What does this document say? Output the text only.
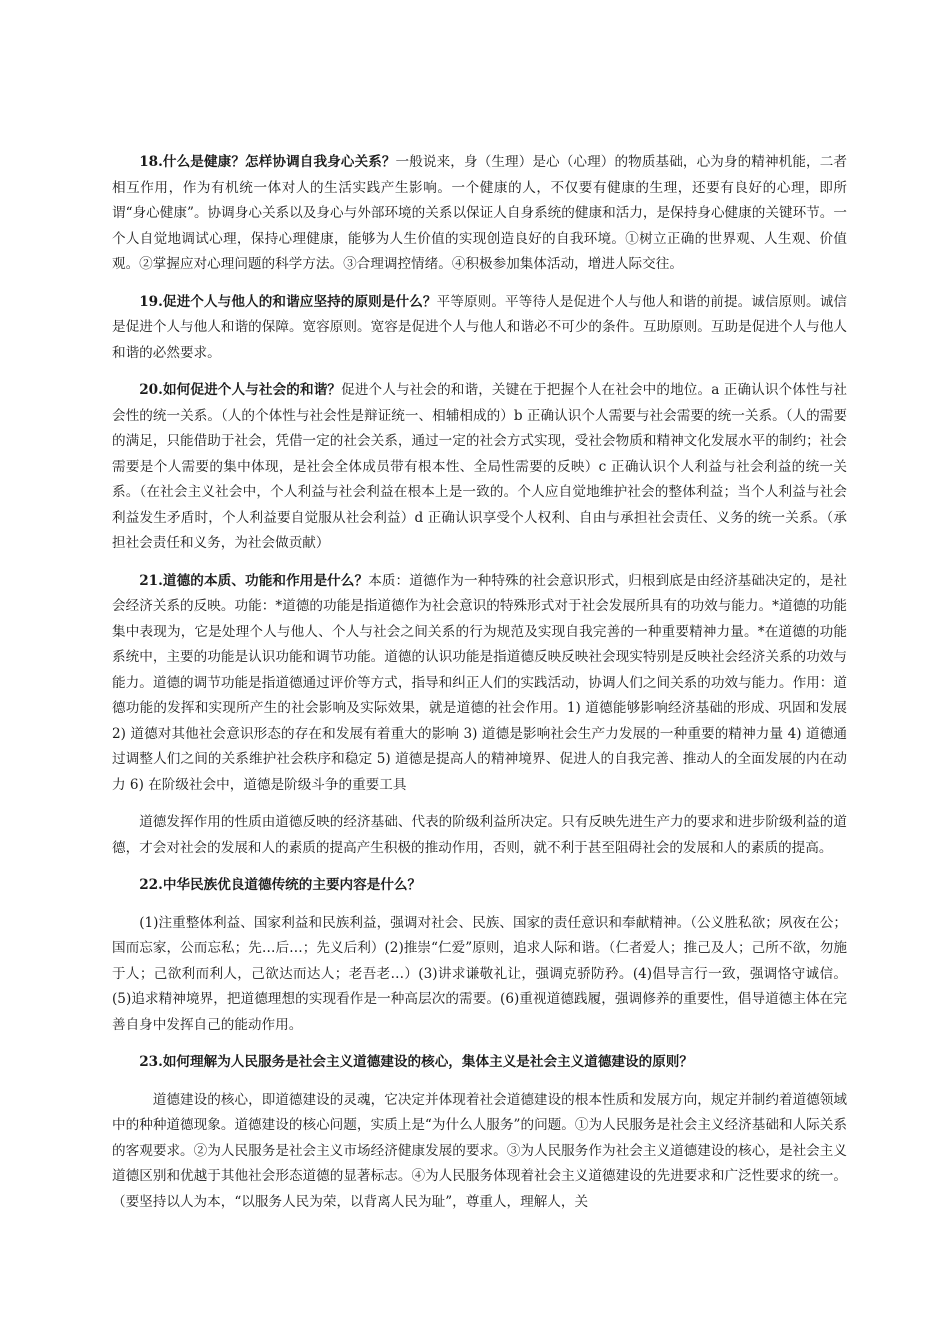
18.什么是健康？怎样协调自我身心关系？一般说来，身（生理）是心（心理）的物质基础，心为身的精神机能，二者相互作用，作为有机统一体对人的生活实践产生影响。一个健康的人，不仅要有健康的生理，还要有良好的心理，即所谓“身心健康”。协调身心关系以及身心与外部环境的关系以保证人自身系统的健康和活力，是保持身心健康的关键环节。一个人自觉地调试心理，保持心理健康，能够为人生价值的实现创造良好的自我环境。①树立正确的世界观、人生观、价值观。②掌握应对心理问题的科学方法。③合理调控情绪。④积极参加集体活动，增进人际交往。

19.促进个人与他人的和谐应坚持的原则是什么？平等原则。平等待人是促进个人与他人和谐的前提。诚信原则。诚信是促进个人与他人和谐的保障。宽容原则。宽容是促进个人与他人和谐必不可少的条件。互助原则。互助是促进个人与他人和谐的必然要求。

20.如何促进个人与社会的和谐？促进个人与社会的和谐，关键在于把握个人在社会中的地位。a 正确认识个体性与社会性的统一关系。（人的个体性与社会性是辩证统一、相辅相成的）b 正确认识个人需要与社会需要的统一关系。（人的需要的满足，只能借助于社会，凭借一定的社会关系，通过一定的社会方式实现，受社会物质和精神文化发展水平的制约；社会需要是个人需要的集中体现，是社会全体成员带有根本性、全局性需要的反映）c 正确认识个人利益与社会利益的统一关系。（在社会主义社会中，个人利益与社会利益在根本上是一致的。个人应自觉地维护社会的整体利益；当个人利益与社会利益发生矛盾时，个人利益要自觉服从社会利益）d 正确认识享受个人权利、自由与承担社会责任、义务的统一关系。（承担社会责任和义务，为社会做贡献）

21.道德的本质、功能和作用是什么？本质：道德作为一种特殊的社会意识形式，归根到底是由经济基础决定的，是社会经济关系的反映。功能：*道德的功能是指道德作为社会意识的特殊形式对于社会发展所具有的功效与能力。*道德的功能集中表现为，它是处理个人与他人、个人与社会之间关系的行为规范及实现自我完善的一种重要精神力量。*在道德的功能系统中，主要的功能是认识功能和调节功能。道德的认识功能是指道德反映反映社会现实特别是反映社会经济关系的功效与能力。道德的调节功能是指道德通过评价等方式，指导和纠正人们的实践活动，协调人们之间关系的功效与能力。作用：道德功能的发挥和实现所产生的社会影响及实际效果，就是道德的社会作用。1) 道德能够影响经济基础的形成、巩固和发展 2) 道德对其他社会意识形态的存在和发展有着重大的影响 3) 道德是影响社会生产力发展的一种重要的精神力量 4) 道德通过调整人们之间的关系维护社会秩序和稳定 5) 道德是提高人的精神境界、促进人的自我完善、推动人的全面发展的内在动力 6) 在阶级社会中，道德是阶级斗争的重要工具

道德发挥作用的性质由道德反映的经济基础、代表的阶级利益所决定。只有反映先进生产力的要求和进步阶级利益的道德，才会对社会的发展和人的素质的提高产生积极的推动作用，否则，就不利于甚至阻碍社会的发展和人的素质的提高。

22.中华民族优良道德传统的主要内容是什么？

(1)注重整体利益、国家利益和民族利益，强调对社会、民族、国家的责任意识和奉献精神。（公义胜私欲；夙夜在公；国而忘家，公而忘私；先…后…；先义后利）(2)推崇“仁爱”原则，追求人际和谐。（仁者爱人；推己及人；己所不欲，勿施于人；己欲利而利人，己欲达而达人；老吾老…）(3)讲求谦敬礼让，强调克骄防矜。(4)倡导言行一致，强调恪守诚信。(5)追求精神境界，把道德理想的实现看作是一种高层次的需要。(6)重视道德践履，强调修养的重要性，倡导道德主体在完善自身中发挥自己的能动作用。

23.如何理解为人民服务是社会主义道德建设的核心，集体主义是社会主义道德建设的原则？

道德建设的核心，即道德建设的灵魂，它决定并体现着社会道德建设的根本性质和发展方向，规定并制约着道德领域中的种种道德现象。道德建设的核心问题，实质上是“为什么人服务”的问题。①为人民服务是社会主义经济基础和人际关系的客观要求。②为人民服务是社会主义市场经济健康发展的要求。③为人民服务作为社会主义道德建设的核心，是社会主义道德区别和优越于其他社会形态道德的显著标志。④为人民服务体现着社会主义道德建设的先进要求和广泛性要求的统一。（要坚持以人为本，“以服务人民为荣，以背离人民为耻”，尊重人，理解人，关
